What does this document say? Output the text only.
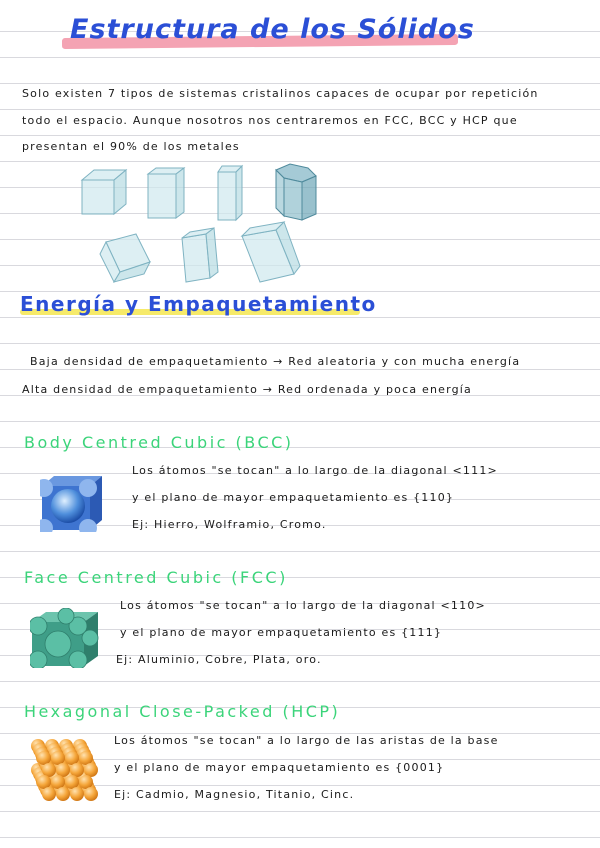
Estructura de los Sólidos
Solo existen 7 tipos de sistemas cristalinos capaces de ocupar por repetición
todo el espacio. Aunque nosotros nos centraremos en FCC, BCC y HCP que
presentan el 90% de los metales
Energía y Empaquetamiento
Baja densidad de empaquetamiento → Red aleatoria y con mucha energía
Alta densidad de empaquetamiento → Red ordenada y poca energía
Body Centred Cubic (BCC)
Los átomos "se tocan" a lo largo de la diagonal <111>
y el plano de mayor empaquetamiento es {110}
Ej: Hierro, Wolframio, Cromo.
Face Centred Cubic (FCC)
Los átomos "se tocan" a lo largo de la diagonal <110>
y el plano de mayor empaquetamiento es {111}
Ej: Aluminio, Cobre, Plata, oro.
Hexagonal Close-Packed (HCP)
Los átomos "se tocan" a lo largo de las aristas de la base
y el plano de mayor empaquetamiento es {0001}
Ej: Cadmio, Magnesio, Titanio, Cinc.
